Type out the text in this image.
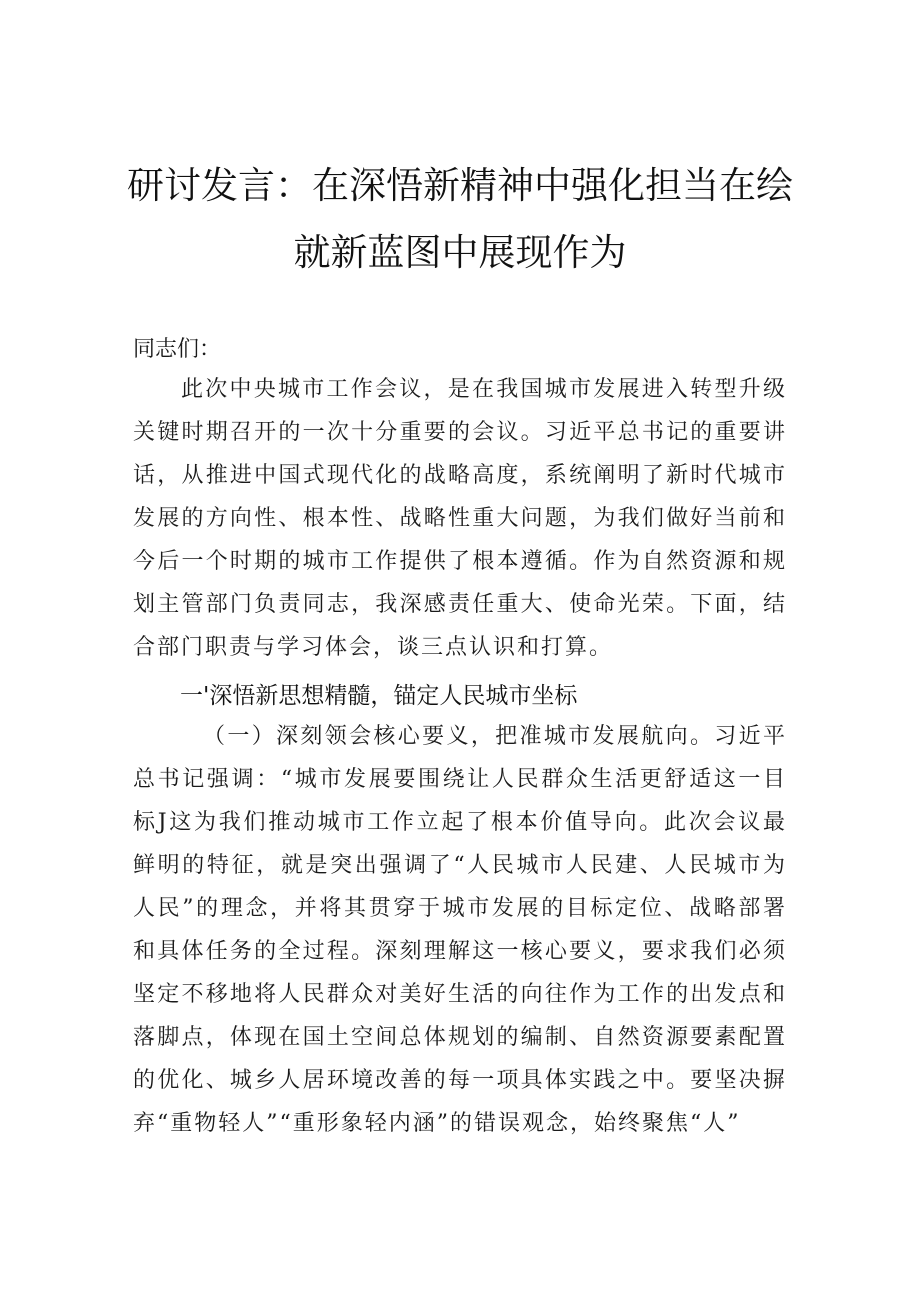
研讨发言：在深悟新精神中强化担当在绘
就新蓝图中展现作为

同志们：

此次中央城市工作会议，是在我国城市发展进入转型升级关键时期召开的一次十分重要的会议。习近平总书记的重要讲话，从推进中国式现代化的战略高度，系统阐明了新时代城市发展的方向性、根本性、战略性重大问题，为我们做好当前和今后一个时期的城市工作提供了根本遵循。作为自然资源和规划主管部门负责同志，我深感责任重大、使命光荣。下面，结合部门职责与学习体会，谈三点认识和打算。

一'深悟新思想精髓，锚定人民城市坐标

（一）深刻领会核心要义，把准城市发展航向。习近平总书记强调：“城市发展要围绕让人民群众生活更舒适这一目标J这为我们推动城市工作立起了根本价值导向。此次会议最鲜明的特征，就是突出强调了“人民城市人民建、人民城市为人民”的理念，并将其贯穿于城市发展的目标定位、战略部署和具体任务的全过程。深刻理解这一核心要义，要求我们必须坚定不移地将人民群众对美好生活的向往作为工作的出发点和落脚点，体现在国土空间总体规划的编制、自然资源要素配置的优化、城乡人居环境改善的每一项具体实践之中。要坚决摒弃“重物轻人”“重形象轻内涵”的错误观念，始终聚焦“人”
